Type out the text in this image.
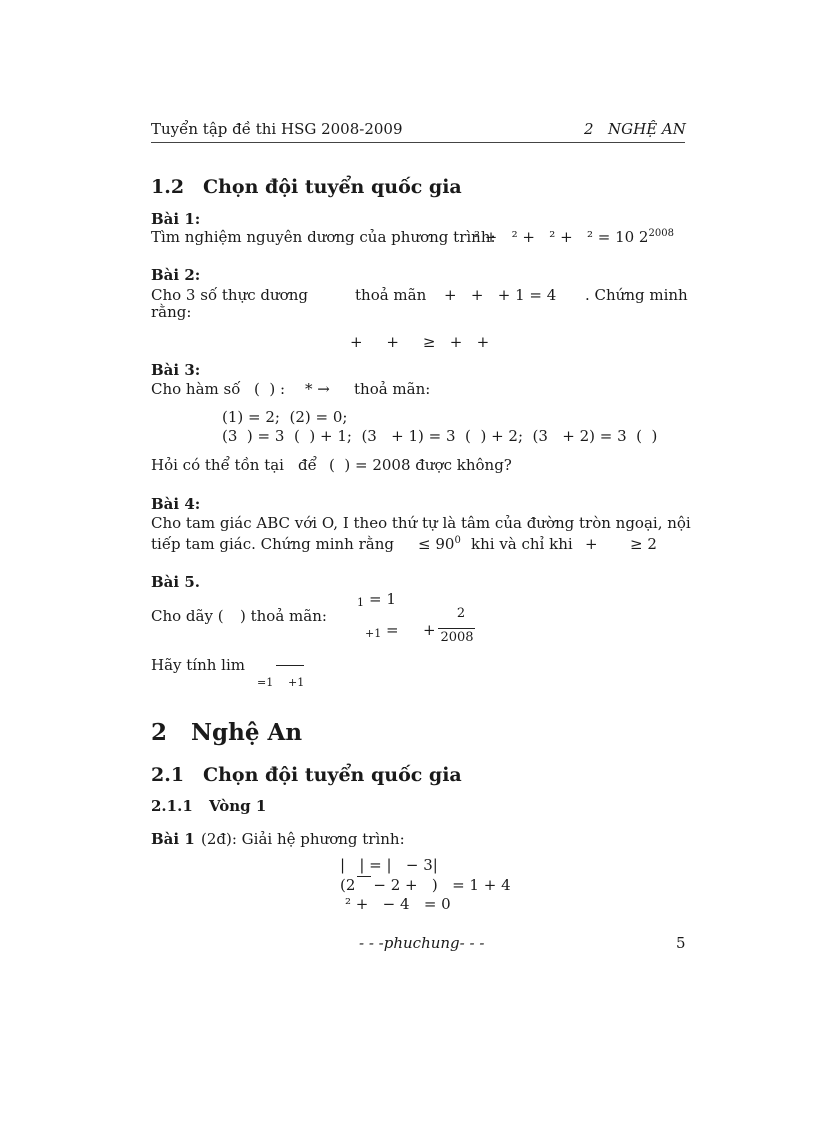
Tuyển tập đề thi HSG 2008-2009	2 NGHỆ AN
1.2 Chọn đội tuyển quốc gia
Bài 1:
Tìm nghiệm nguyên dương của phương trình:
² +   ² +   ² +   ² = 10 $2^{2008}$
Bài 2:
Cho 3 số thực dương	thoả mãn +   +   + 1 = 4 . Chứng minh
rằng:
+     +     ≥   +   +
Bài 3:
Cho hàm số (  ) : * → thoả mãn:
(1) = 2;  (2) = 0;
(3  ) = 3  (  ) + 1;  (3   + 1) = 3  (  ) + 2;  (3   + 2) = 3  (  )
Hỏi có thể tồn tại để (  ) = 2008 được không?
Bài 4:
Cho tam giác ABC với O, I theo thứ tự là tâm của đường tròn ngoại, nội
tiếp tam giác. Chứng minh rằng ≤ $90^0$ khi và chỉ khi + ≥ 2
Bài 5.
Cho dãy ( ) thoả mãn:
1 = 1
+1 = +
2
2008
Hãy tính lim
=1 +1
2 Nghệ An
2.1 Chọn đội tuyển quốc gia
2.1.1 Vòng 1
Bài 1 (2đ): Giải hệ phương trình:
|   | = |   − 3|
(2 − 2 +   )   = 1 + 4
² +   − 4   = 0
- - -phuchung- - -	5
